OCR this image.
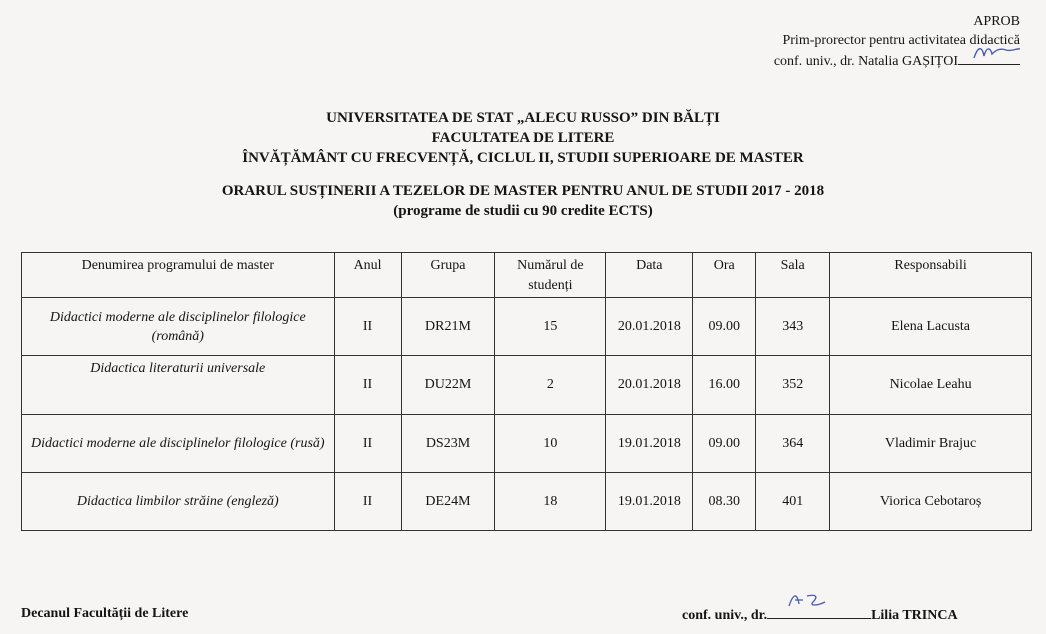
APROB
Prim-prorector pentru activitatea didactică
conf. univ., dr. Natalia GAȘIȚOI
UNIVERSITATEA DE STAT „ALECU RUSSO” DIN BĂLȚI
FACULTATEA DE LITERE
ÎNVĂȚĂMÂNT CU FRECVENȚĂ, CICLUL II, STUDII SUPERIOARE DE MASTER
ORARUL SUSȚINERII A TEZELOR DE MASTER PENTRU ANUL DE STUDII 2017 - 2018
(programe de studii cu 90 credite ECTS)
Denumirea programului de master	Anul	Grupa	Numărul de studenți	Data	Ora	Sala	Responsabili
Didactici moderne ale disciplinelor filologice (română)	II	DR21M	15	20.01.2018	09.00	343	Elena Lacusta
Didactica literaturii universale	II	DU22M	2	20.01.2018	16.00	352	Nicolae Leahu
Didactici moderne ale disciplinelor filologice (rusă)	II	DS23M	10	19.01.2018	09.00	364	Vladimir Brajuc
Didactica limbilor străine (engleză)	II	DE24M	18	19.01.2018	08.30	401	Viorica Cebotaroș
Decanul Facultății de Litere	conf. univ., dr.	Lilia TRINCA
